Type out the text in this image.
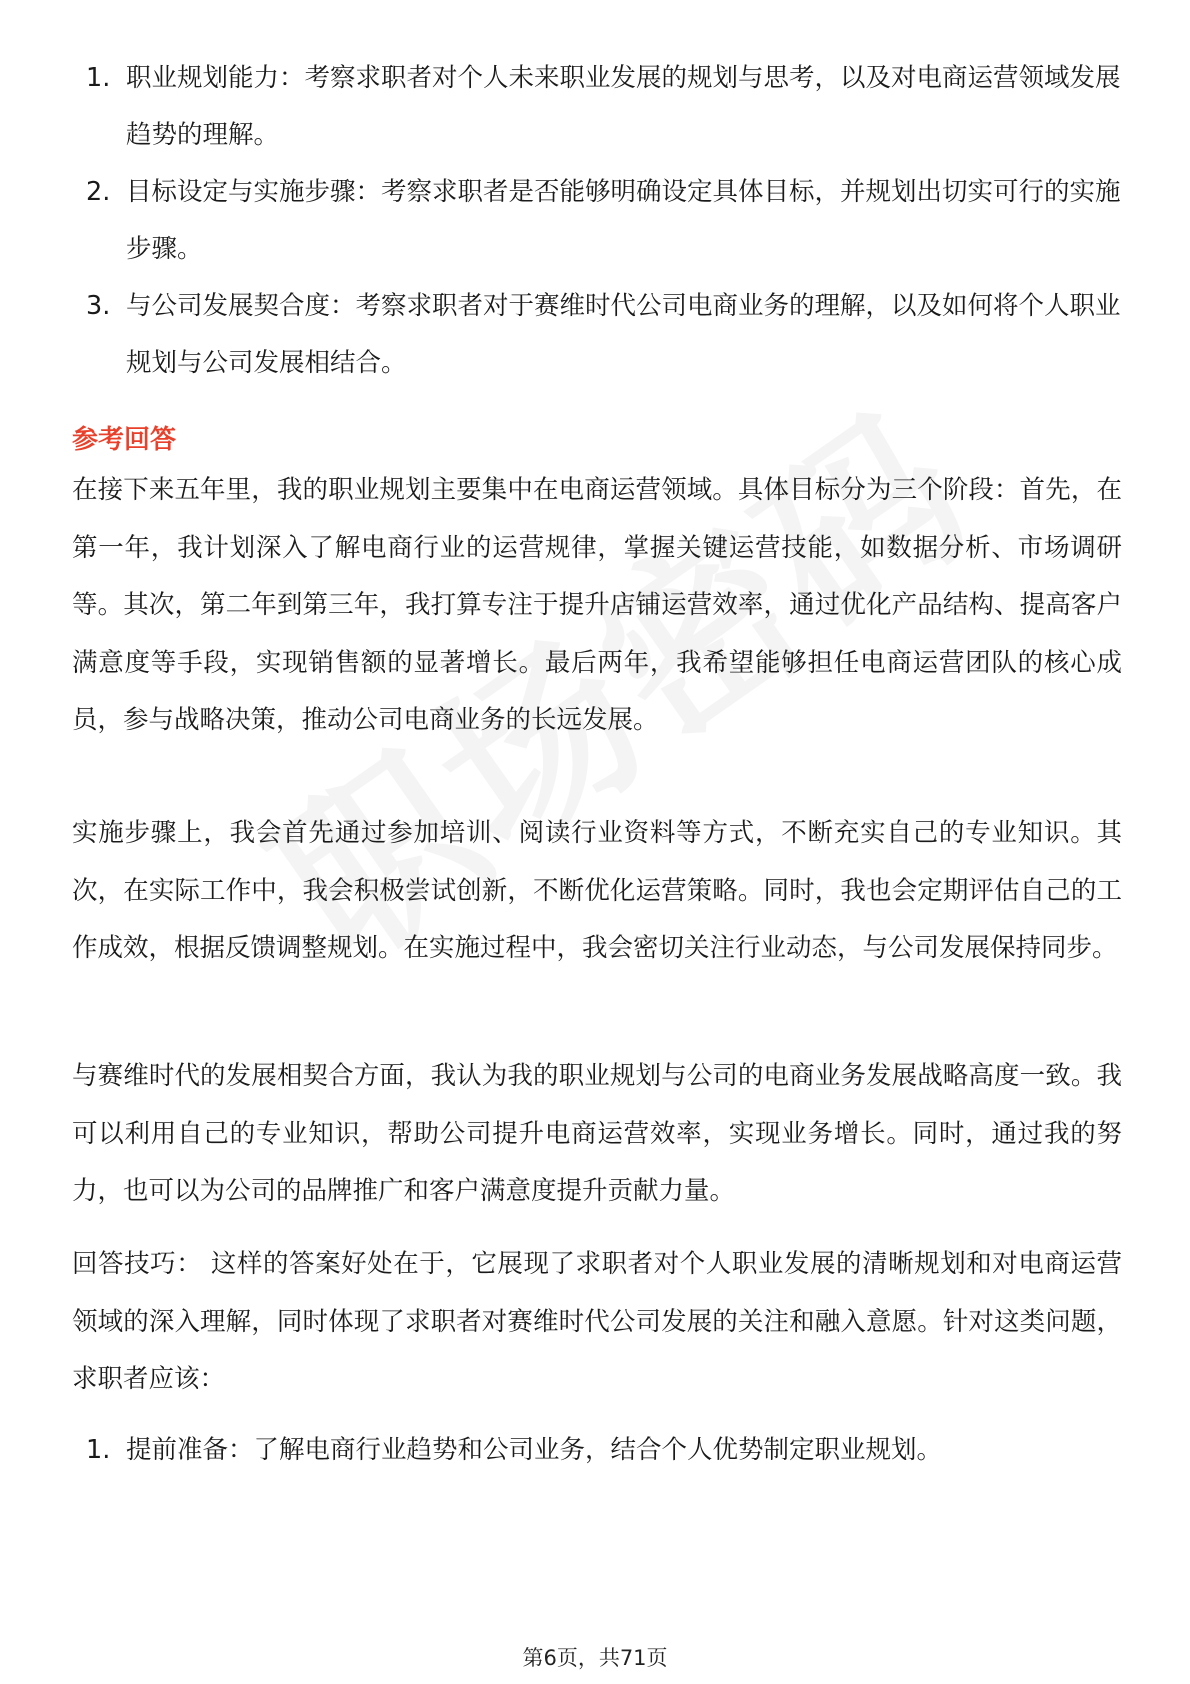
1. 职业规划能力：考察求职者对个人未来职业发展的规划与思考，以及对电商运营领域发展趋势的理解。
2. 目标设定与实施步骤：考察求职者是否能够明确设定具体目标，并规划出切实可行的实施步骤。
3. 与公司发展契合度：考察求职者对于赛维时代公司电商业务的理解，以及如何将个人职业规划与公司发展相结合。
参考回答

在接下来五年里，我的职业规划主要集中在电商运营领域。具体目标分为三个阶段：首先，在第一年，我计划深入了解电商行业的运营规律，掌握关键运营技能，如数据分析、市场调研等。其次，第二年到第三年，我打算专注于提升店铺运营效率，通过优化产品结构、提高客户满意度等手段，实现销售额的显著增长。最后两年，我希望能够担任电商运营团队的核心成员，参与战略决策，推动公司电商业务的长远发展。

实施步骤上，我会首先通过参加培训、阅读行业资料等方式，不断充实自己的专业知识。其次，在实际工作中，我会积极尝试创新，不断优化运营策略。同时，我也会定期评估自己的工作成效，根据反馈调整规划。在实施过程中，我会密切关注行业动态，与公司发展保持同步。

与赛维时代的发展相契合方面，我认为我的职业规划与公司的电商业务发展战略高度一致。我可以利用自己的专业知识，帮助公司提升电商运营效率，实现业务增长。同时，通过我的努力，也可以为公司的品牌推广和客户满意度提升贡献力量。

回答技巧： 这样的答案好处在于，它展现了求职者对个人职业发展的清晰规划和对电商运营领域的深入理解，同时体现了求职者对赛维时代公司发展的关注和融入意愿。针对这类问题，求职者应该：

1. 提前准备：了解电商行业趋势和公司业务，结合个人优势制定职业规划。
第6页，共71页
